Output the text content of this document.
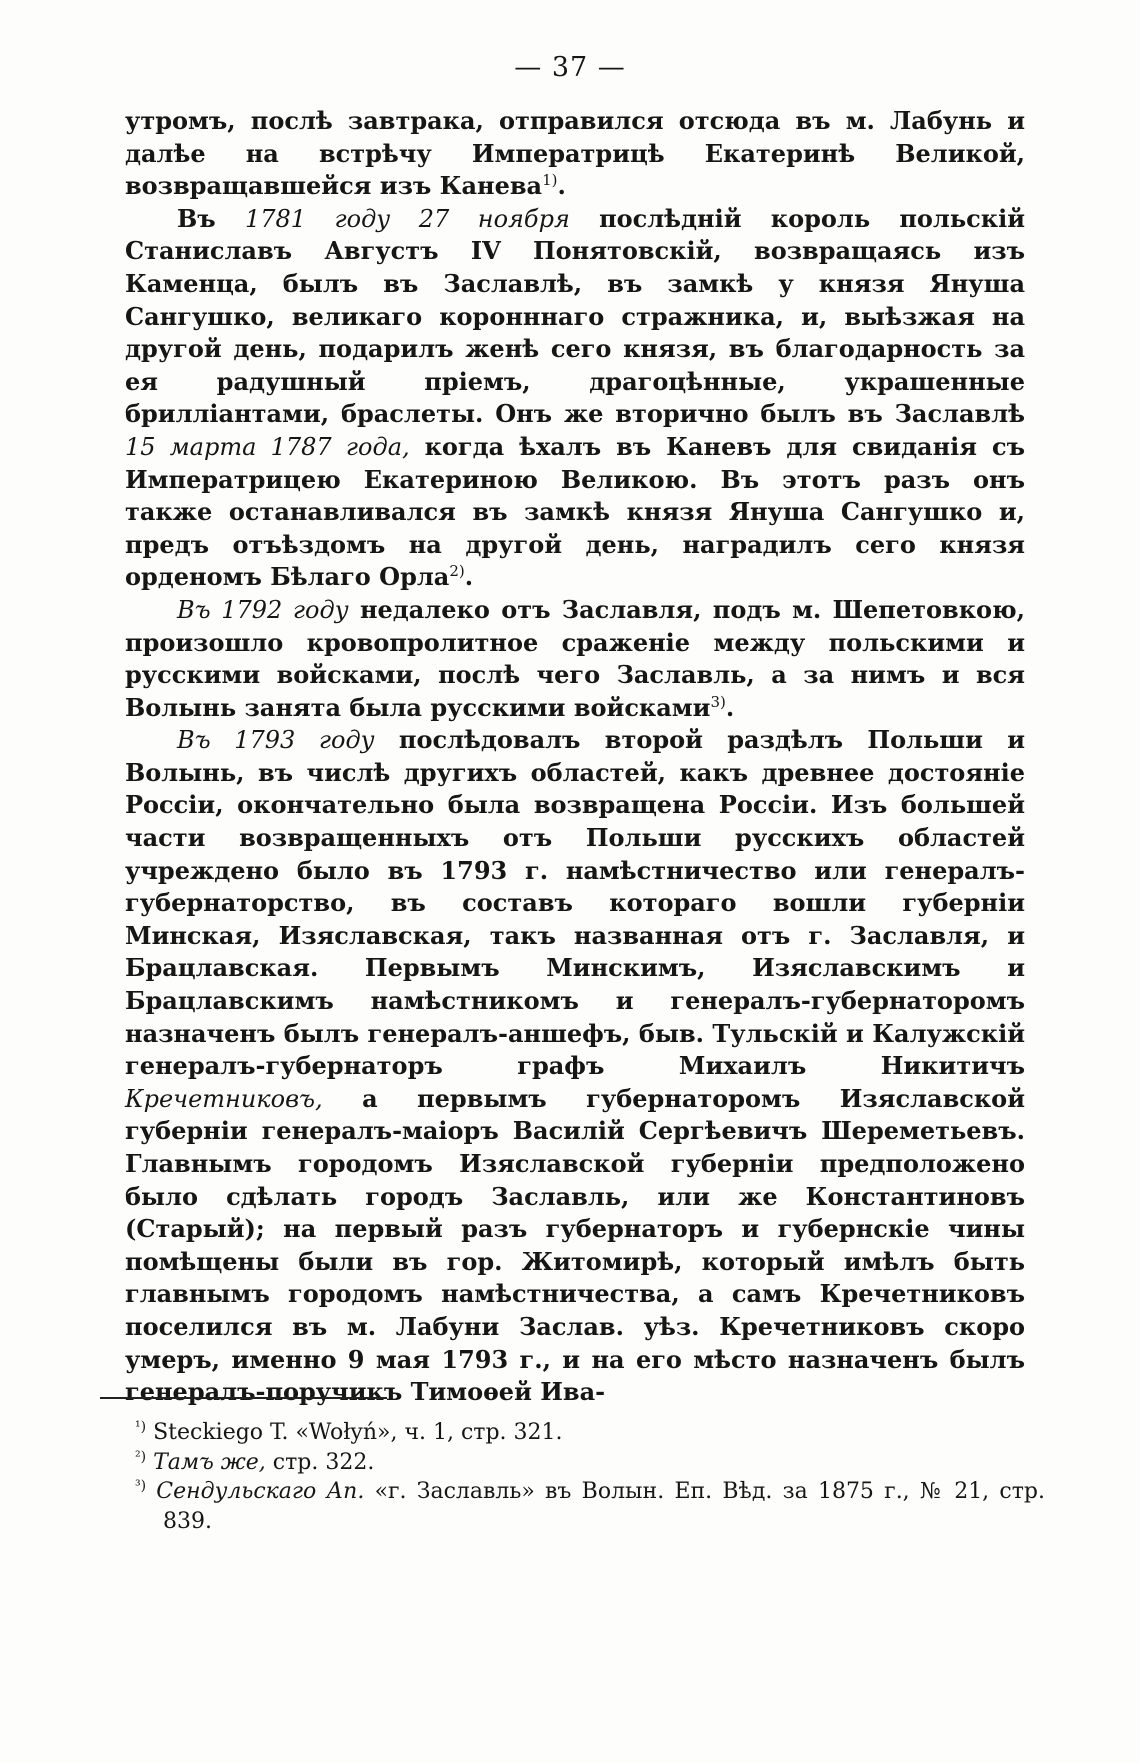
— 37 —

утромъ, послѣ завтрака, отправился отсюда въ м. Лабунь и далѣе на встрѣчу Императрицѣ Екатеринѣ Великой, возвращавшейся изъ Канева$^{1)}$.

Въ 1781 году 27 ноября послѣдній король польскій Станиславъ Августъ IV Понятовскій, возвращаясь изъ Каменца, былъ въ Заславлѣ, въ замкѣ у князя Януша Сангушко, великаго коронннаго стражника, и, выѣзжая на другой день, подарилъ женѣ сего князя, въ благодарность за ея радушный пріемъ, драгоцѣнные, украшенные бриллiантами, браслеты. Онъ же вторично былъ въ Заславлѣ 15 марта 1787 года, когда ѣхалъ въ Каневъ для свиданія съ Императрицею Екатериною Великою. Въ этотъ разъ онъ также останавливался въ замкѣ князя Януша Сангушко и, предъ отъѣздомъ на другой день, наградилъ сего князя орденомъ Бѣлаго Орла$^{2)}$.

Въ 1792 году недалеко отъ Заславля, подъ м. Шепетовкою, произошло кровопролитное сраженіе между польскими и русскими войсками, послѣ чего Заславль, а за нимъ и вся Волынь занята была русскими войсками$^{3)}$.

Въ 1793 году послѣдовалъ второй раздѣлъ Польши и Волынь, въ числѣ другихъ областей, какъ древнее достояніе Россіи, окончательно была возвращена Россіи. Изъ большей части возвращенныхъ отъ Польши русскихъ областей учреждено было въ 1793 г. намѣстничество или генералъ-губернаторство, въ составъ котораго вошли губерніи Минская, Изяславская, такъ названная отъ г. Заславля, и Брацлавская. Первымъ Минскимъ, Изяславскимъ и Брацлавскимъ намѣстникомъ и генералъ-губернаторомъ назначенъ былъ генералъ-аншефъ, быв. Тульскій и Калужскій генералъ-губернаторъ графъ Михаилъ Никитичъ Кречетниковъ, а первымъ губернаторомъ Изяславской губерніи генералъ-маіоръ Василій Сергѣевичъ Шереметьевъ. Главнымъ городомъ Изяславской губерніи предположено было сдѣлать городъ Заславль, или же Константиновъ (Старый); на первый разъ губернаторъ и губернскіе чины помѣщены были въ гор. Житомирѣ, который имѣлъ быть главнымъ городомъ намѣстничества, а самъ Кречетниковъ поселился въ м. Лабуни Заслав. уѣз. Кречетниковъ скоро умеръ, именно 9 мая 1793 г., и на его мѣсто назначенъ былъ генералъ-поручикъ Тимоѳей Ива-

$^{^1)}$ Steckiego T. «Wołyń», ч. 1, стр. 321.

$^{^2)}$ Тамъ же, стр. 322.

$^{^3)}$ Сендульскаго Ап. «г. Заславль» въ Волын. Еп. Вѣд. за 1875 г., № 21, стр. 839.
